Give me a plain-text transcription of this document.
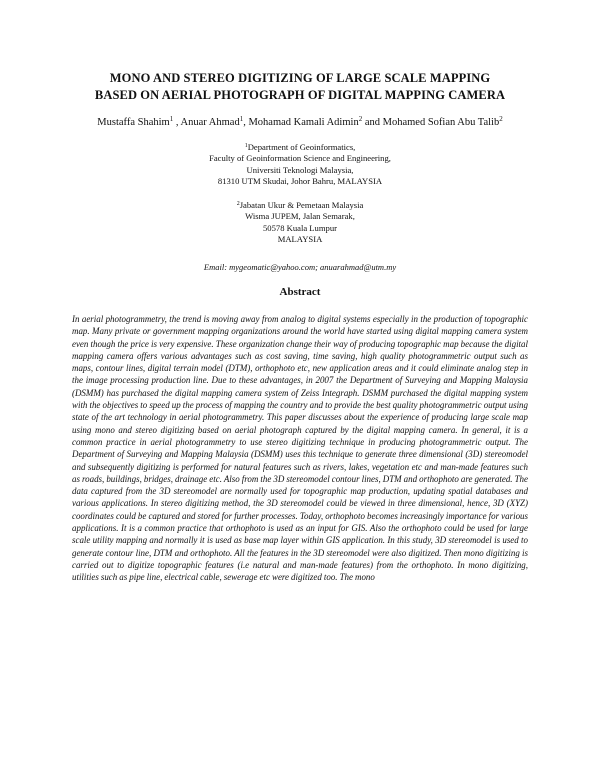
MONO AND STEREO DIGITIZING OF LARGE SCALE MAPPING
BASED ON AERIAL PHOTOGRAPH OF DIGITAL MAPPING CAMERA
Mustaffa Shahim$^1$ , Anuar Ahmad$^1$, Mohamad Kamali Adimin$^2$ and Mohamed Sofian Abu Talib$^2$
$^1$Department of Geoinformatics,
Faculty of Geoinformation Science and Engineering,
Universiti Teknologi Malaysia,
81310 UTM Skudai, Johor Bahru, MALAYSIA
$^2$Jabatan Ukur & Pemetaan Malaysia
Wisma JUPEM, Jalan Semarak,
50578 Kuala Lumpur
MALAYSIA
Email: mygeomatic@yahoo.com; anuarahmad@utm.my
Abstract
In aerial photogrammetry, the trend is moving away from analog to digital systems especially in the production of topographic map. Many private or government mapping organizations around the world have started using digital mapping camera system even though the price is very expensive. These organization change their way of producing topographic map because the digital mapping camera offers various advantages such as cost saving, time saving, high quality photogrammetric output such as maps, contour lines, digital terrain model (DTM), orthophoto etc, new application areas and it could eliminate analog step in the image processing production line. Due to these advantages, in 2007 the Department of Surveying and Mapping Malaysia (DSMM) has purchased the digital mapping camera system of Zeiss Integraph. DSMM purchased the digital mapping system with the objectives to speed up the process of mapping the country and to provide the best quality photogrammetric output using state of the art technology in aerial photogrammetry. This paper discusses about the experience of producing large scale map using mono and stereo digitizing based on aerial photograph captured by the digital mapping camera. In general, it is a common practice in aerial photogrammetry to use stereo digitizing technique in producing photogrammetric output. The Department of Surveying and Mapping Malaysia (DSMM) uses this technique to generate three dimensional (3D) stereomodel and subsequently digitizing is performed for natural features such as rivers, lakes, vegetation etc and man-made features such as roads, buildings, bridges, drainage etc. Also from the 3D stereomodel contour lines, DTM and orthophoto are generated. The data captured from the 3D stereomodel are normally used for topographic map production, updating spatial databases and various applications. In stereo digitizing method, the 3D stereomodel could be viewed in three dimensional, hence, 3D (XYZ) coordinates could be captured and stored for further processes. Today, orthophoto becomes increasingly importance for various applications. It is a common practice that orthophoto is used as an input for GIS. Also the orthophoto could be used for large scale utility mapping and normally it is used as base map layer within GIS application. In this study, 3D stereomodel is used to generate contour line, DTM and orthophoto. All the features in the 3D stereomodel were also digitized. Then mono digitizing is carried out to digitize topographic features (i.e natural and man-made features) from the orthophoto. In mono digitizing, utilities such as pipe line, electrical cable, sewerage etc were digitized too. The mono
